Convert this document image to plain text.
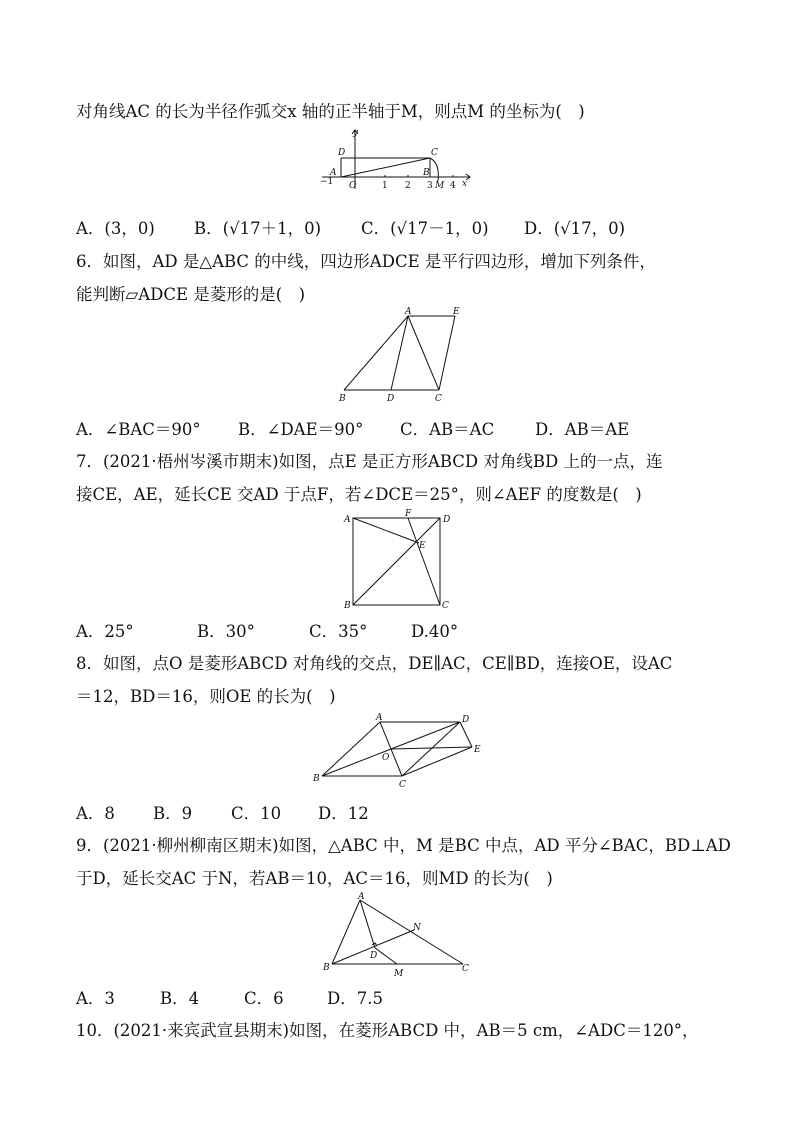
对角线AC 的长为半径作弧交x 轴的正半轴于M，则点M 的坐标为(　)
−1	x
y
D	C
A
O
B
1 2 3 M 4
A．(3，0) B．(√17＋1，0) C．(√17－1，0) D．(√17，0)
6．如图，AD 是△ABC 的中线，四边形ADCE 是平行四边形，增加下列条件，
能判断▱ADCE 是菱形的是(　)
A	E
B	D	C
A．∠BAC＝90° B．∠DAE＝90° C．AB＝AC D．AB＝AE
7．(2021·梧州岑溪市期末)如图，点E 是正方形ABCD 对角线BD 上的一点，连
接CE，AE，延长CE 交AD 于点F，若∠DCE＝25°，则∠AEF 的度数是(　)
A
F
D
E
B	C
A．25°	B．30°	C．35°	D.40°
8．如图，点O 是菱形ABCD 对角线的交点，DE∥AC，CE∥BD，连接OE，设AC
＝12，BD＝16，则OE 的长为(　)
A	D
E
O
B
C
A．8 B．9 C．10 D．12
9．(2021·柳州柳南区期末)如图，△ABC 中，M 是BC 中点，AD 平分∠BAC，BD⊥AD
于D，延长交AC 于N，若AB＝10，AC＝16，则MD 的长为(　)
A
N
D
B
M	C
A．3	B．4	C．6	D．7.5
10．(2021·来宾武宣县期末)如图，在菱形ABCD 中，AB＝5 cm，∠ADC＝120°，
